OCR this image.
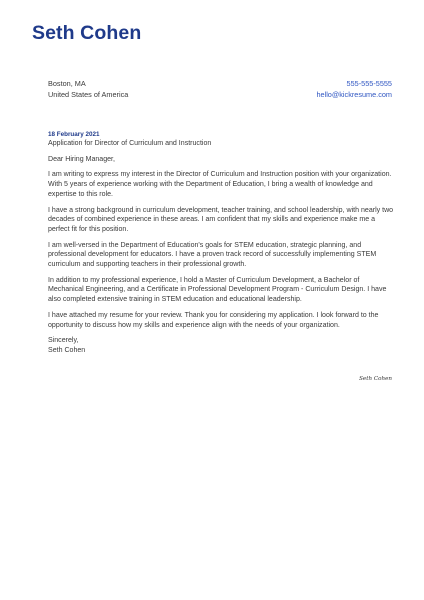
Seth Cohen
Boston, MA
United States of America
555-555-5555
hello@kickresume.com
18 February 2021
Application for Director of Curriculum and Instruction
Dear Hiring Manager,
I am writing to express my interest in the Director of Curriculum and Instruction position with your organization. With 5 years of experience working with the Department of Education, I bring a wealth of knowledge and expertise to this role.
I have a strong background in curriculum development, teacher training, and school leadership, with nearly two decades of combined experience in these areas. I am confident that my skills and experience make me a perfect fit for this position.
I am well-versed in the Department of Education's goals for STEM education, strategic planning, and professional development for educators. I have a proven track record of successfully implementing STEM curriculum and supporting teachers in their professional growth.
In addition to my professional experience, I hold a Master of Curriculum Development, a Bachelor of Mechanical Engineering, and a Certificate in Professional Development Program - Curriculum Design. I have also completed extensive training in STEM education and educational leadership.
I have attached my resume for your review. Thank you for considering my application. I look forward to the opportunity to discuss how my skills and experience align with the needs of your organization.
Sincerely,
Seth Cohen
Seth Cohen
